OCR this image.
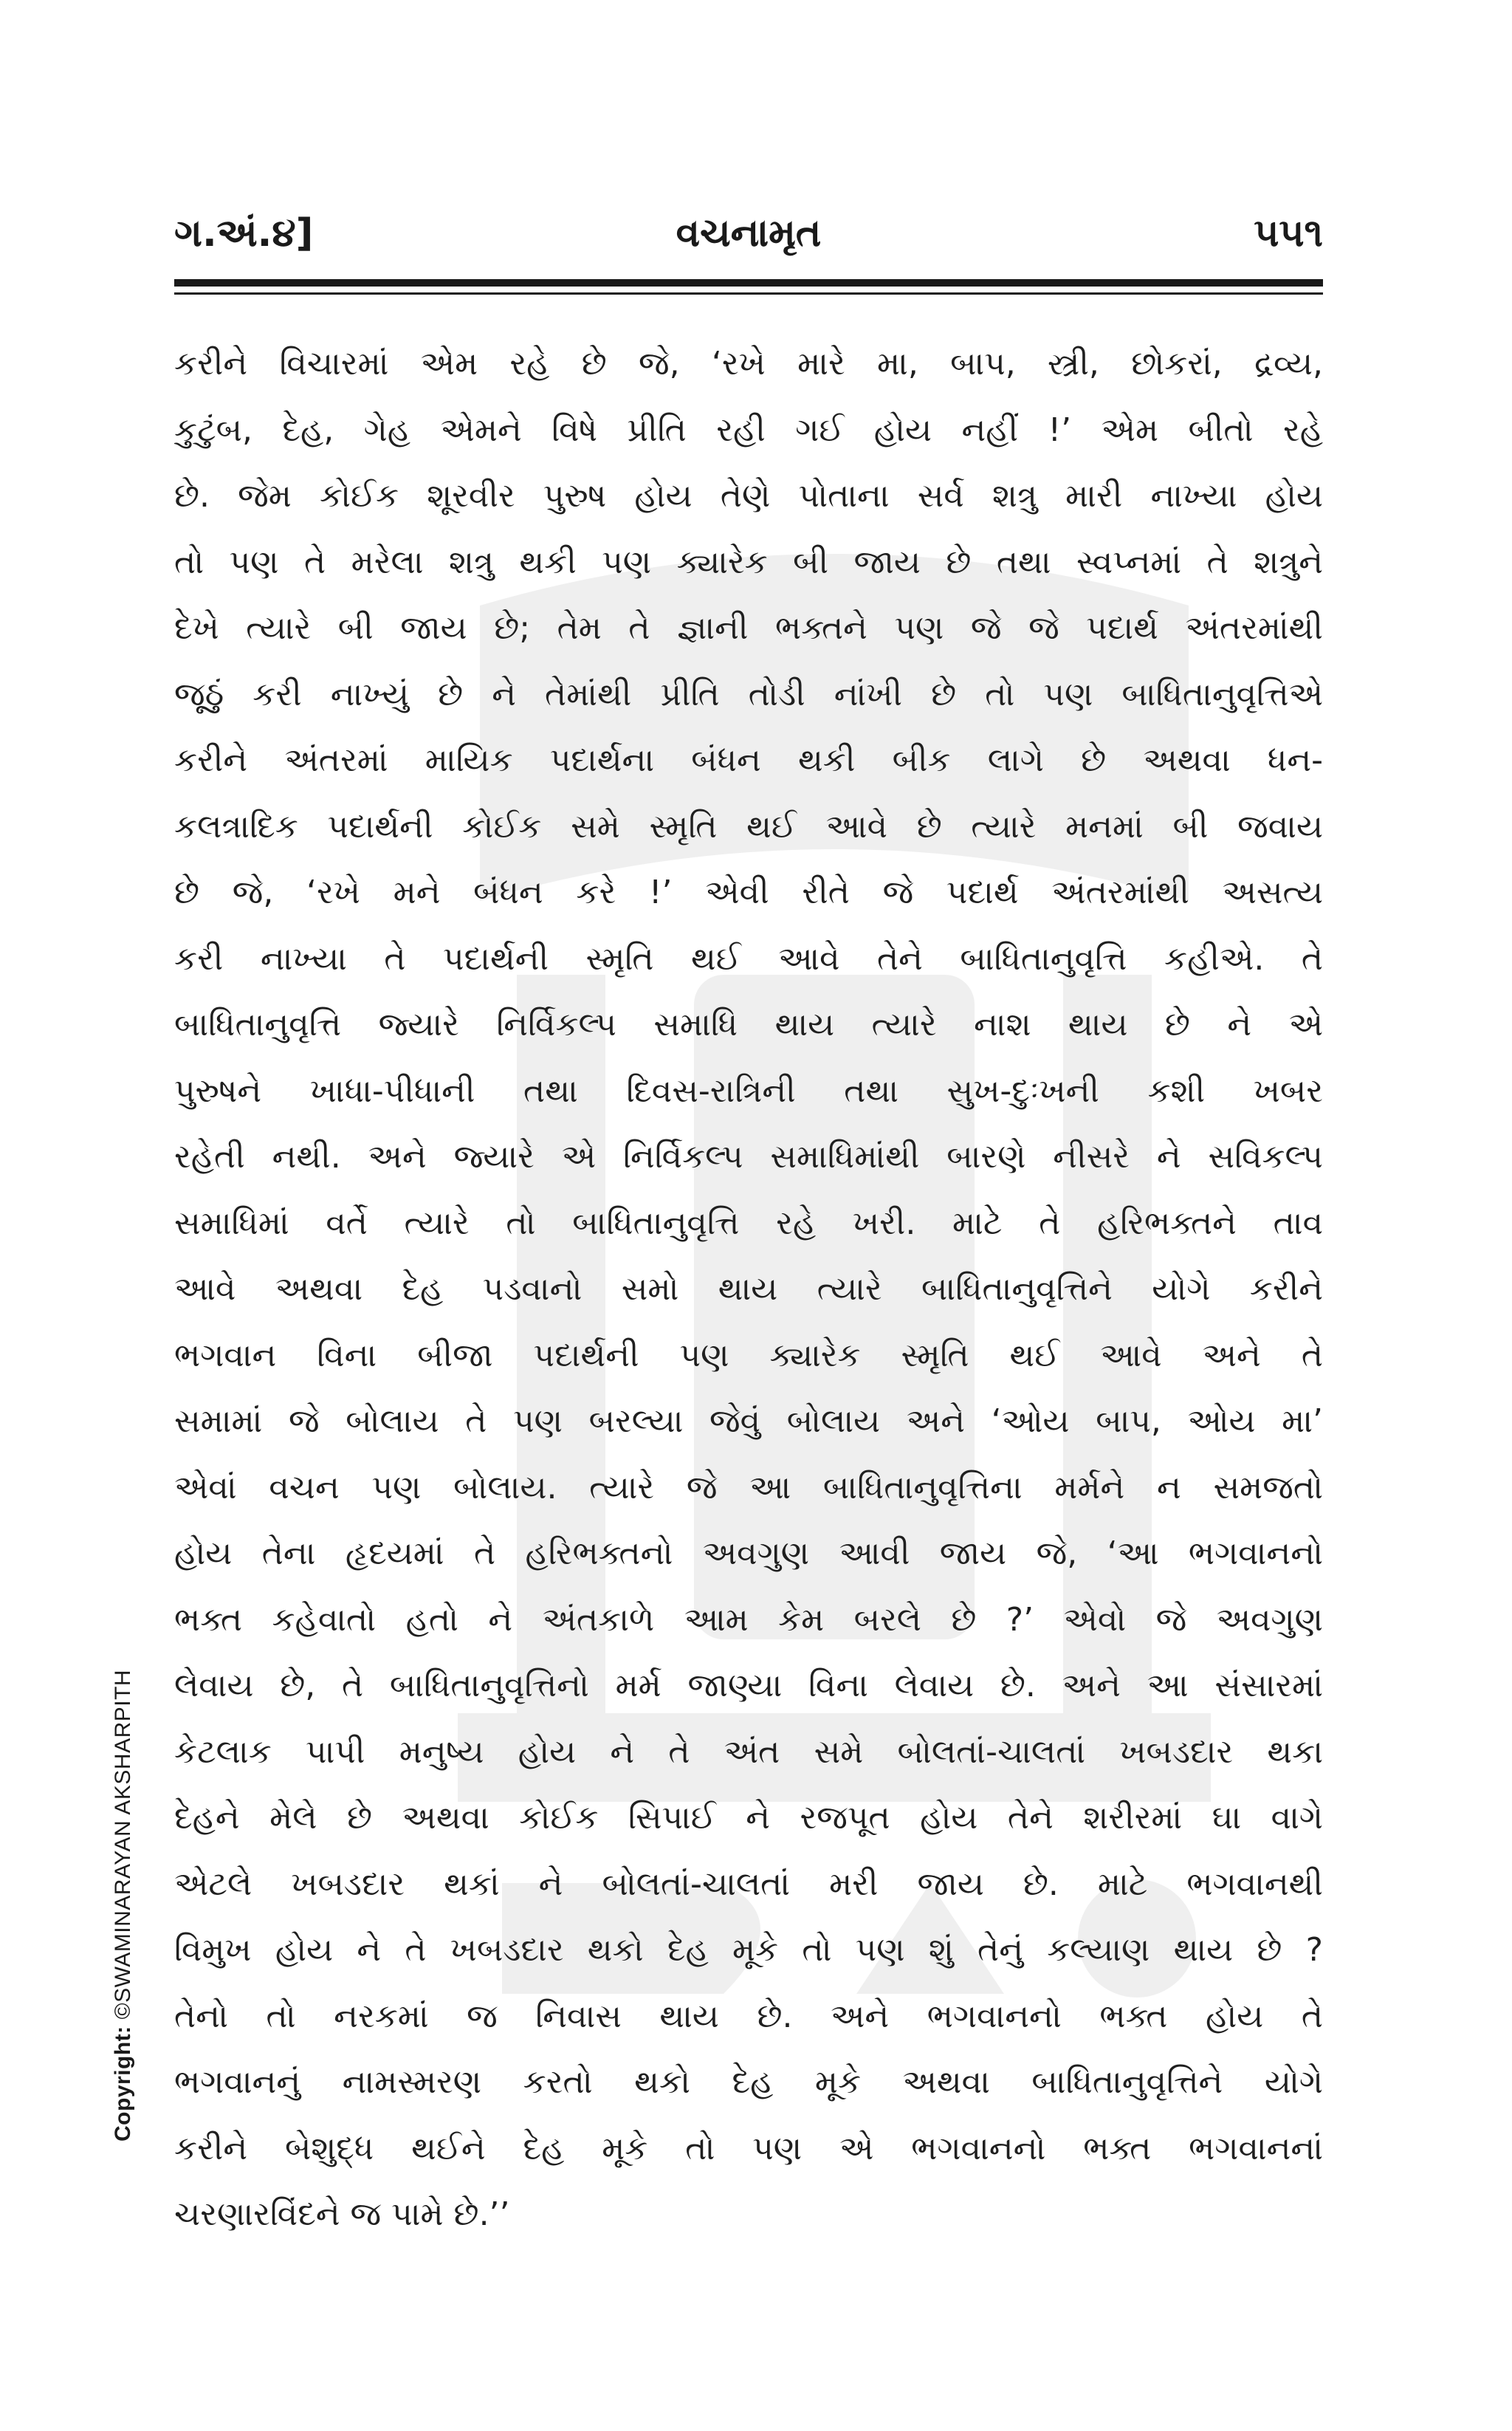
ગ.અં.૪]	વચનામૃત	૫૫૧
કરીને વિચારમાં એમ રહે છે જે, ‘રખે મારે મા, બાપ, સ્ત્રી, છોકરાં, દ્રવ્ય,
કુટુંબ, દેહ, ગેહ એમને વિષે પ્રીતિ રહી ગઈ હોય નહીં !’ એમ બીતો રહે
છે. જેમ કોઈક શૂરવીર પુરુષ હોય તેણે પોતાના સર્વ શત્રુ મારી નાખ્યા હોય
તો પણ તે મરેલા શત્રુ થકી પણ ક્યારેક બી જાય છે તથા સ્વપ્નમાં તે શત્રુને
દેખે ત્યારે બી જાય છે; તેમ તે જ્ઞાની ભક્તને પણ જે જે પદાર્થ અંતરમાંથી
જૂઠું કરી નાખ્યું છે ને તેમાંથી પ્રીતિ તોડી નાંખી છે તો પણ બાધિતાનુવૃત્તિએ
કરીને અંતરમાં માયિક પદાર્થના બંધન થકી બીક લાગે છે અથવા ધન-
કલત્રાદિક પદાર્થની કોઈક સમે સ્મૃતિ થઈ આવે છે ત્યારે મનમાં બી જવાય
છે જે, ‘રખે મને બંધન કરે !’ એવી રીતે જે પદાર્થ અંતરમાંથી અસત્ય
કરી નાખ્યા તે પદાર્થની સ્મૃતિ થઈ આવે તેને બાધિતાનુવૃત્તિ કહીએ. તે
બાધિતાનુવૃત્તિ જ્યારે નિર્વિકલ્પ સમાધિ થાય ત્યારે નાશ થાય છે ને એ
પુરુષને ખાધા-પીધાની તથા દિવસ-રાત્રિની તથા સુખ-દુઃખની કશી ખબર
રહેતી નથી. અને જ્યારે એ નિર્વિકલ્પ સમાધિમાંથી બારણે નીસરે ને સવિકલ્પ
સમાધિમાં વર્તે ત્યારે તો બાધિતાનુવૃત્તિ રહે ખરી. માટે તે હરિભક્તને તાવ
આવે અથવા દેહ પડવાનો સમો થાય ત્યારે બાધિતાનુવૃત્તિને યોગે કરીને
ભગવાન વિના બીજા પદાર્થની પણ ક્યારેક સ્મૃતિ થઈ આવે અને તે
સમામાં જે બોલાય તે પણ બરલ્યા જેવું બોલાય અને ‘ઓય બાપ, ઓય મા’
એવાં વચન પણ બોલાય. ત્યારે જે આ બાધિતાનુવૃત્તિના મર્મને ન સમજતો
હોય તેના હૃદયમાં તે હરિભક્તનો અવગુણ આવી જાય જે, ‘આ ભગવાનનો
ભક્ત કહેવાતો હતો ને અંતકાળે આમ કેમ બરલે છે ?’ એવો જે અવગુણ
લેવાય છે, તે બાધિતાનુવૃત્તિનો મર્મ જાણ્યા વિના લેવાય છે. અને આ સંસારમાં
કેટલાક પાપી મનુષ્ય હોય ને તે અંત સમે બોલતાં-ચાલતાં ખબડદાર થકા
દેહને મેલે છે અથવા કોઈક સિપાઈ ને રજપૂત હોય તેને શરીરમાં ઘા વાગે
એટલે ખબડદાર થકાં ને બોલતાં-ચાલતાં મરી જાય છે. માટે ભગવાનથી
વિમુખ હોય ને તે ખબડદાર થકો દેહ મૂકે તો પણ શું તેનું કલ્યાણ થાય છે ?
તેનો તો નરકમાં જ નિવાસ થાય છે. અને ભગવાનનો ભક્ત હોય તે
ભગવાનનું નામસ્મરણ કરતો થકો દેહ મૂકે અથવા બાધિતાનુવૃત્તિને યોગે
કરીને બેશુદ્ધ થઈને દેહ મૂકે તો પણ એ ભગવાનનો ભક્ત ભગવાનનાં
ચરણારવિંદને જ પામે છે.’’
Copyright: ©SWAMINARAYAN AKSHARPITH
